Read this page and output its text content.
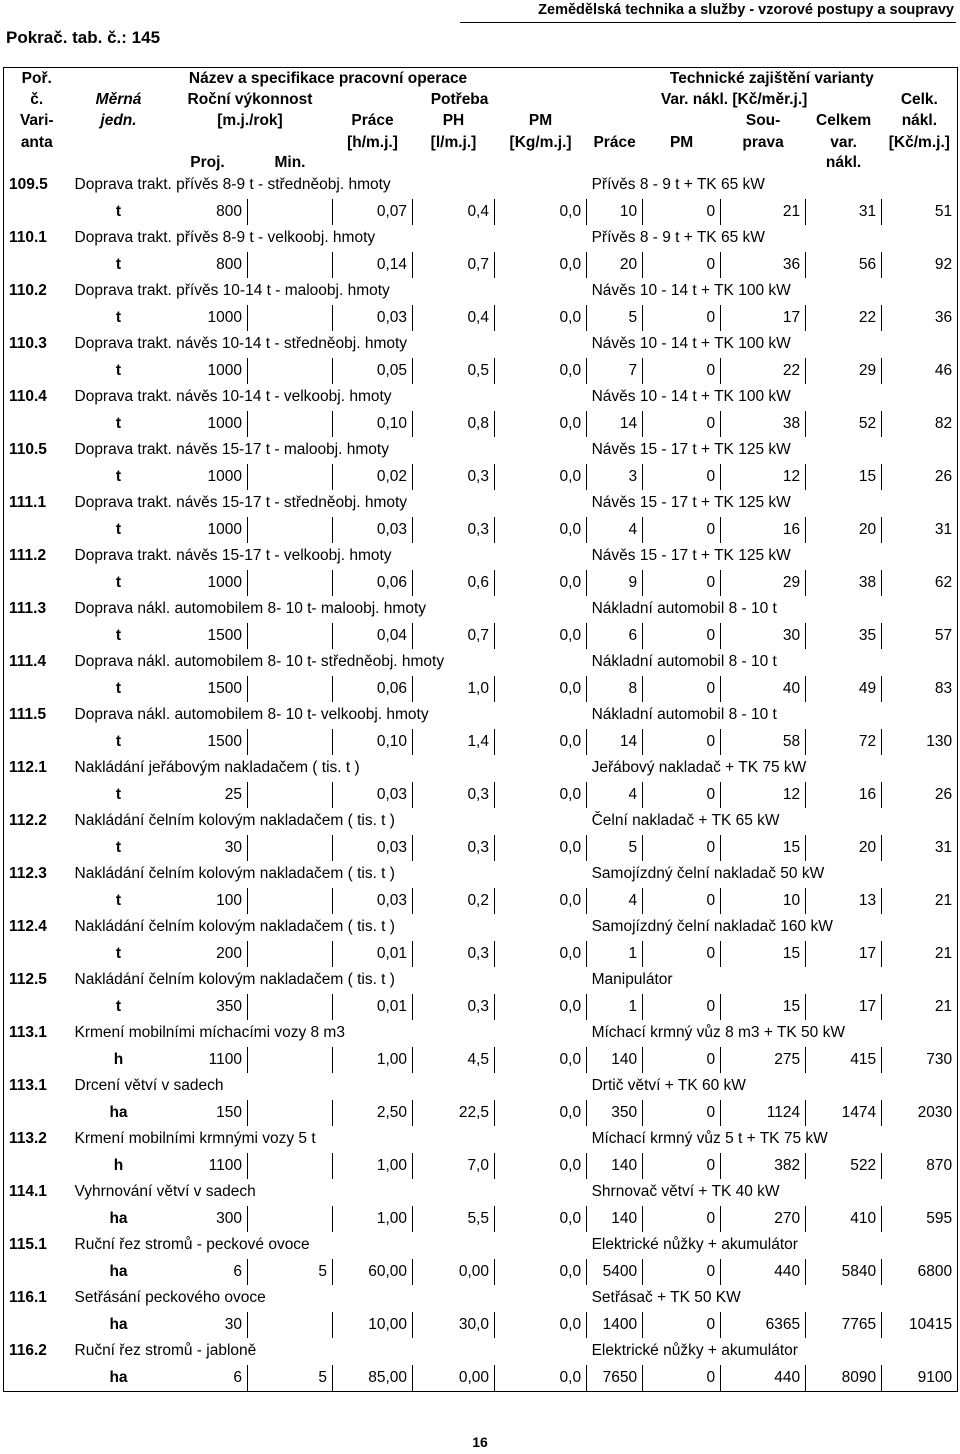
Pokrač. tab. č.: 145
Zemědělská technika a služby - vzorové postupy a soupravy
Poř.	Název a specifikace pracovní operace						Technické zajištění varianty				
č.	Měrná	Roční výkonnost		Potřeba			Var. nákl. [Kč/měr.j.]				Celk.
Vari-	jedn.	[m.j./rok]		Práce	PH	PM			Sou-	Celkem	nákl.
anta				[h/m.j.]	[l/m.j.]	[Kg/m.j.]	Práce	PM	prava	var.	[Kč/m.j.]
		Proj.	Min.							nákl.	
109.5	Doprava trakt. přívěs 8-9 t - středněobj. hmoty						Přívěs 8 - 9 t + TK 65 kW				
	t	800		0,07	0,4	0,0	10	0	21	31	51
110.1	Doprava trakt. přívěs 8-9 t - velkoobj. hmoty						Přívěs 8 - 9 t + TK 65 kW				
	t	800		0,14	0,7	0,0	20	0	36	56	92
110.2	Doprava trakt. přívěs 10-14 t - maloobj. hmoty						Návěs 10 - 14 t + TK 100 kW				
	t	1000		0,03	0,4	0,0	5	0	17	22	36
110.3	Doprava trakt. návěs 10-14 t - středněobj. hmoty						Návěs 10 - 14 t + TK 100 kW				
	t	1000		0,05	0,5	0,0	7	0	22	29	46
110.4	Doprava trakt. návěs 10-14 t - velkoobj. hmoty						Návěs 10 - 14 t + TK 100 kW				
	t	1000		0,10	0,8	0,0	14	0	38	52	82
110.5	Doprava trakt. návěs 15-17 t - maloobj. hmoty						Návěs 15 - 17 t + TK 125 kW				
	t	1000		0,02	0,3	0,0	3	0	12	15	26
111.1	Doprava trakt. návěs 15-17 t - středněobj. hmoty						Návěs 15 - 17 t + TK 125 kW				
	t	1000		0,03	0,3	0,0	4	0	16	20	31
111.2	Doprava trakt. návěs 15-17 t - velkoobj. hmoty						Návěs 15 - 17 t + TK 125 kW				
	t	1000		0,06	0,6	0,0	9	0	29	38	62
111.3	Doprava nákl. automobilem 8- 10 t- maloobj. hmoty						Nákladní automobil 8 - 10 t				
	t	1500		0,04	0,7	0,0	6	0	30	35	57
111.4	Doprava nákl. automobilem 8- 10 t- středněobj. hmoty						Nákladní automobil 8 - 10 t				
	t	1500		0,06	1,0	0,0	8	0	40	49	83
111.5	Doprava nákl. automobilem 8- 10 t- velkoobj. hmoty						Nákladní automobil 8 - 10 t				
	t	1500		0,10	1,4	0,0	14	0	58	72	130
112.1	Nakládání jeřábovým nakladačem ( tis. t )						Jeřábový nakladač + TK 75 kW				
	t	25		0,03	0,3	0,0	4	0	12	16	26
112.2	Nakládání čelním kolovým nakladačem ( tis. t )						Čelní nakladač + TK 65 kW				
	t	30		0,03	0,3	0,0	5	0	15	20	31
112.3	Nakládání čelním kolovým nakladačem ( tis. t )						Samojízdný čelní nakladač 50 kW				
	t	100		0,03	0,2	0,0	4	0	10	13	21
112.4	Nakládání čelním kolovým nakladačem ( tis. t )						Samojízdný čelní nakladač 160 kW				
	t	200		0,01	0,3	0,0	1	0	15	17	21
112.5	Nakládání čelním kolovým nakladačem ( tis. t )						Manipulátor				
	t	350		0,01	0,3	0,0	1	0	15	17	21
113.1	Krmení mobilními míchacími vozy 8 m3						Míchací krmný vůz 8 m3 + TK 50 kW				
	h	1100		1,00	4,5	0,0	140	0	275	415	730
113.1	Drcení větví v sadech						Drtič větví + TK 60 kW				
	ha	150		2,50	22,5	0,0	350	0	1124	1474	2030
113.2	Krmení mobilními krmnými vozy 5 t						Míchací krmný vůz 5 t + TK 75 kW				
	h	1100		1,00	7,0	0,0	140	0	382	522	870
114.1	Vyhrnování větví v sadech						Shrnovač větví + TK 40 kW				
	ha	300		1,00	5,5	0,0	140	0	270	410	595
115.1	Ruční řez stromů - peckové ovoce						Elektrické nůžky + akumulátor				
	ha	6	5	60,00	0,00	0,0	5400	0	440	5840	6800
116.1	Setřásání peckového ovoce						Setřásač + TK 50 KW				
	ha	30		10,00	30,0	0,0	1400	0	6365	7765	10415
116.2	Ruční řez stromů - jabloně						Elektrické nůžky + akumulátor				
	ha	6	5	85,00	0,00	0,0	7650	0	440	8090	9100
16
